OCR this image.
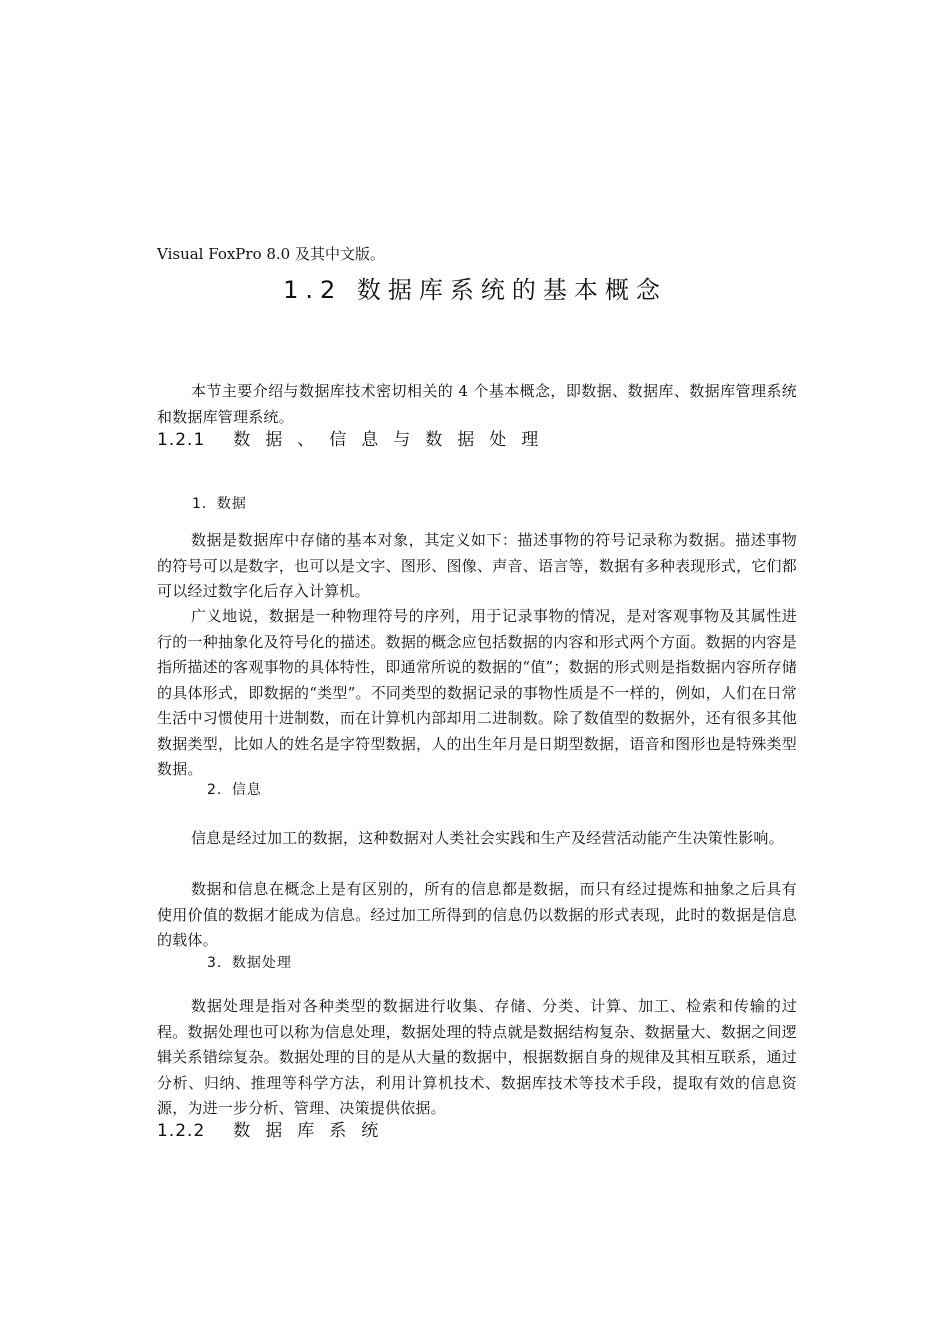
Visual FoxPro 8.0 及其中文版。
1.2 数据库系统的基本概念
本节主要介绍与数据库技术密切相关的 4 个基本概念，即数据、数据库、数据库管理系统和数据库管理系统。
1.2.1 数据、信息与数据处理
1．数据
数据是数据库中存储的基本对象，其定义如下：描述事物的符号记录称为数据。描述事物的符号可以是数字，也可以是文字、图形、图像、声音、语言等，数据有多种表现形式，它们都可以经过数字化后存入计算机。
广义地说，数据是一种物理符号的序列，用于记录事物的情况，是对客观事物及其属性进行的一种抽象化及符号化的描述。数据的概念应包括数据的内容和形式两个方面。数据的内容是指所描述的客观事物的具体特性，即通常所说的数据的“值”；数据的形式则是指数据内容所存储的具体形式，即数据的“类型”。不同类型的数据记录的事物性质是不一样的，例如，人们在日常生活中习惯使用十进制数，而在计算机内部却用二进制数。除了数值型的数据外，还有很多其他数据类型，比如人的姓名是字符型数据，人的出生年月是日期型数据，语音和图形也是特殊类型数据。
2．信息
信息是经过加工的数据，这种数据对人类社会实践和生产及经营活动能产生决策性影响。
数据和信息在概念上是有区别的，所有的信息都是数据，而只有经过提炼和抽象之后具有使用价值的数据才能成为信息。经过加工所得到的信息仍以数据的形式表现，此时的数据是信息的载体。
3．数据处理
数据处理是指对各种类型的数据进行收集、存储、分类、计算、加工、检索和传输的过程。数据处理也可以称为信息处理，数据处理的特点就是数据结构复杂、数据量大、数据之间逻辑关系错综复杂。数据处理的目的是从大量的数据中，根据数据自身的规律及其相互联系，通过分析、归纳、推理等科学方法，利用计算机技术、数据库技术等技术手段，提取有效的信息资源，为进一步分析、管理、决策提供依据。
1.2.2 数据库系统
